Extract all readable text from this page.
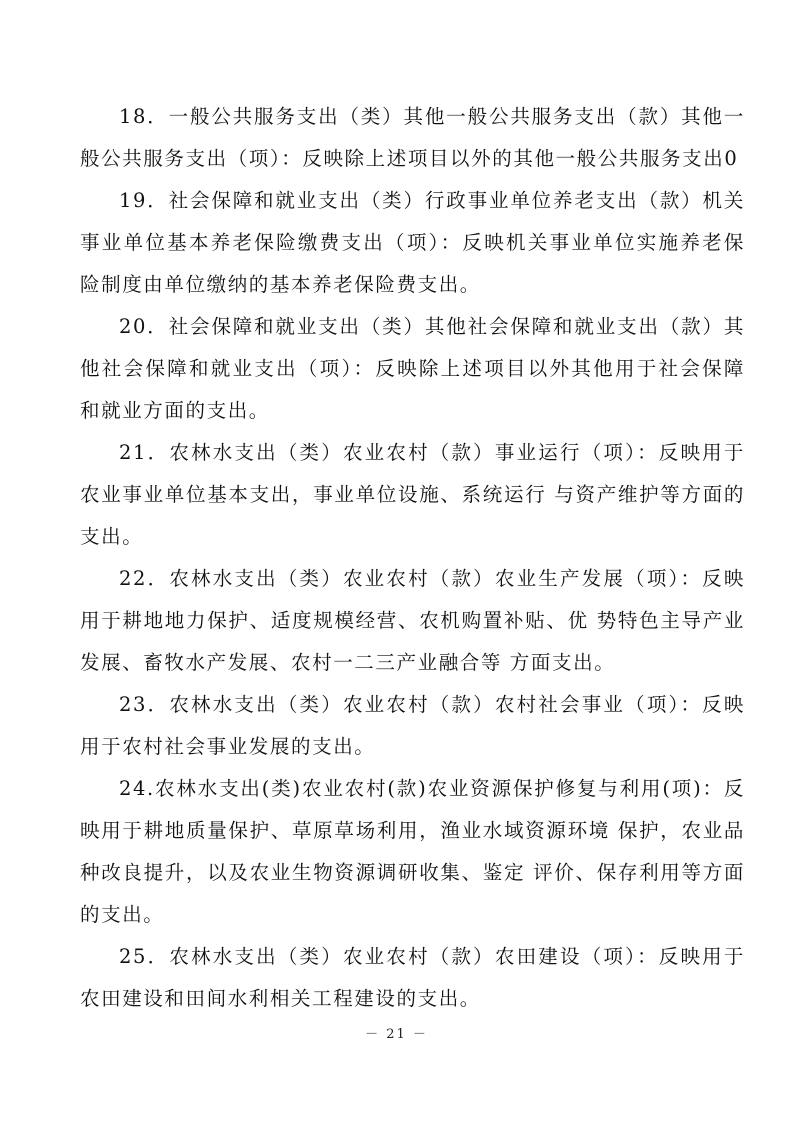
18．一般公共服务支出（类）其他一般公共服务支出（款）其他一般公共服务支出（项）：反映除上述项目以外的其他一般公共服务支出0

19．社会保障和就业支出（类）行政事业单位养老支出（款）机关事业单位基本养老保险缴费支出（项）：反映机关事业单位实施养老保险制度由单位缴纳的基本养老保险费支出。

20．社会保障和就业支出（类）其他社会保障和就业支出（款）其他社会保障和就业支出（项）：反映除上述项目以外其他用于社会保障和就业方面的支出。

21．农林水支出（类）农业农村（款）事业运行（项）：反映用于农业事业单位基本支出，事业单位设施、系统运行 与资产维护等方面的支出。

22．农林水支出（类）农业农村（款）农业生产发展（项）：反映用于耕地地力保护、适度规模经营、农机购置补贴、优 势特色主导产业发展、畜牧水产发展、农村一二三产业融合等 方面支出。

23．农林水支出（类）农业农村（款）农村社会事业（项）：反映用于农村社会事业发展的支出。

24.农林水支出(类)农业农村(款)农业资源保护修复与利用(项)：反映用于耕地质量保护、草原草场利用，渔业水域资源环境 保护，农业品种改良提升，以及农业生物资源调研收集、鉴定 评价、保存利用等方面的支出。

25．农林水支出（类）农业农村（款）农田建设（项）：反映用于农田建设和田间水利相关工程建设的支出。

－ 21 －
